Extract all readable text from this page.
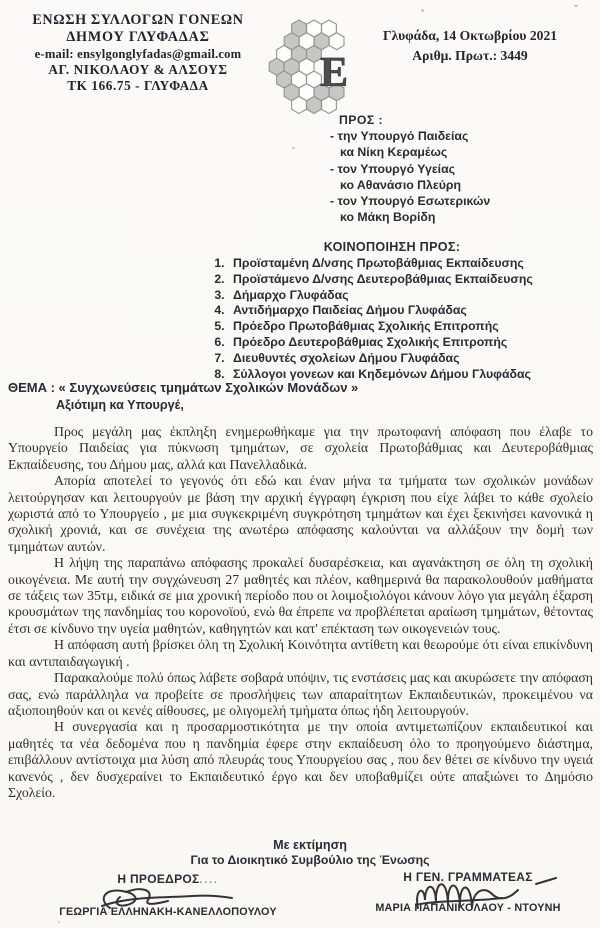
ΕΝΩΣΗ ΣΥΛΛΟΓΩΝ ΓΟΝΕΩΝ
ΔΗΜΟΥ ΓΛΥΦΑΔΑΣ
e-mail: ensylgonglyfadas@gmail.com
ΑΓ. ΝΙΚΟΛΑΟΥ & ΑΛΣΟΥΣ
ΤΚ 166.75 - ΓΛΥΦΑΔΑ	Ε
Γλυφάδα, 14 Οκτωβρίου 2021
Αριθμ. Πρωτ.: 3449
ΠΡΟΣ :
- την Υπουργό Παιδείας
κα Νίκη Κεραμέως
- τον Υπουργό Υγείας
κο Αθανάσιο Πλεύρη
- τον Υπουργό Εσωτερικών
κο Μάκη Βορίδη
ΚΟΙΝΟΠΟΙΗΣΗ ΠΡΟΣ:
1. Προϊσταμένη Δ/νσης Πρωτοβάθμιας Εκπαίδευσης
2. Προϊστάμενο Δ/νσης Δευτεροβάθμιας Εκπαίδευσης
3. Δήμαρχο Γλυφάδας
4. Αντιδήμαρχο Παιδείας Δήμου Γλυφάδας
5. Πρόεδρο Πρωτοβάθμιας Σχολικής Επιτροπής
6. Πρόεδρο Δευτεροβάθμιας Σχολικής Επιτροπής
7. Διευθυντές σχολείων Δήμου Γλυφάδας
8. Σύλλογοι γονεων και Κηδεμόνων Δήμου Γλυφάδας
ΘΕΜΑ : « Συγχωνεύσεις τμημάτων Σχολικών Μονάδων »
Αξιότιμη κα Υπουργέ,

Προς μεγάλη μας έκπληξη ενημερωθήκαμε για την πρωτοφανή απόφαση που έλαβε το Υπουργείο Παιδείας για πύκνωση τμημάτων, σε σχολεία Πρωτοβάθμιας και Δευτεροβάθμιας Εκπαίδευσης, του Δήμου μας, αλλά και Πανελλαδικά.

Απορία αποτελεί το γεγονός ότι εδώ και έναν μήνα τα τμήματα των σχολικών μονάδων λειτούργησαν και λειτουργούν με βάση την αρχική έγγραφη έγκριση που είχε λάβει το κάθε σχολείο χωριστά από το Υπουργείο , με μια συγκεκριμένη συγκρότηση τμημάτων και έχει ξεκινήσει κανονικά η σχολική χρονιά, και σε συνέχεια της ανωτέρω απόφασης καλούνται να αλλάξουν την δομή των τμημάτων αυτών.

Η λήψη της παραπάνω απόφασης προκαλεί δυσαρέσκεια, και αγανάκτηση σε όλη τη σχολική οικογένεια. Με αυτή την συγχώνευση 27 μαθητές και πλέον, καθημερινά θα παρακολουθούν μαθήματα σε τάξεις των 35τμ, ειδικά σε μια χρονική περίοδο που οι λοιμοξιολόγοι κάνουν λόγο για μεγάλη έξαρση κρουσμάτων της πανδημίας του κορονοϊού, ενώ θα έπρεπε να προβλέπεται αραίωση τμημάτων, θέτοντας έτσι σε κίνδυνο την υγεία μαθητών, καθηγητών και κατ' επέκταση των οικογενειών τους.

Η απόφαση αυτή βρίσκει όλη τη Σχολική Κοινότητα αντίθετη και θεωρούμε ότι είναι επικίνδυνη και αντιπαιδαγωγική .

Παρακαλούμε πολύ όπως λάβετε σοβαρά υπόψιν, τις ενστάσεις μας και ακυρώσετε την απόφαση σας, ενώ παράλληλα να προβείτε σε προσλήψεις των απαραίτητων Εκπαιδευτικών, προκειμένου να αξιοποιηθούν και οι κενές αίθουσες, με ολιγομελή τμήματα όπως ήδη λειτουργούν.

Η συνεργασία και η προσαρμοστικότητα με την οποία αντιμετωπίζουν εκπαιδευτικοί και μαθητές τα νέα δεδομένα που η πανδημία έφερε στην εκπαίδευση όλο το προηγούμενο διάστημα, επιβάλλουν αντίστοιχα μια λύση από πλευράς τους Υπουργείου σας , που δεν θέτει σε κίνδυνο την υγειά κανενός , δεν δυσχεραίνει το Εκπαιδευτικό έργο και δεν υποβαθμίζει ούτε απαξιώνει το Δημόσιο Σχολείο.

Με εκτίμηση
Για το Διοικητικό Συμβούλιο της Ένωσης
Η ΠΡΟΕΔΡΟΣ....
ΓΕΩΡΓΙΑ ΕΛΛΗΝΑΚΗ-ΚΑΝΕΛΛΟΠΟΥΛΟΥ
Η ΓΕΝ. ΓΡΑΜΜΑΤΕΑΣ
ΜΑΡΙΑ ΠΑΠΑΝΙΚΟΛΑΟΥ - ΝΤΟΥΝΗ
